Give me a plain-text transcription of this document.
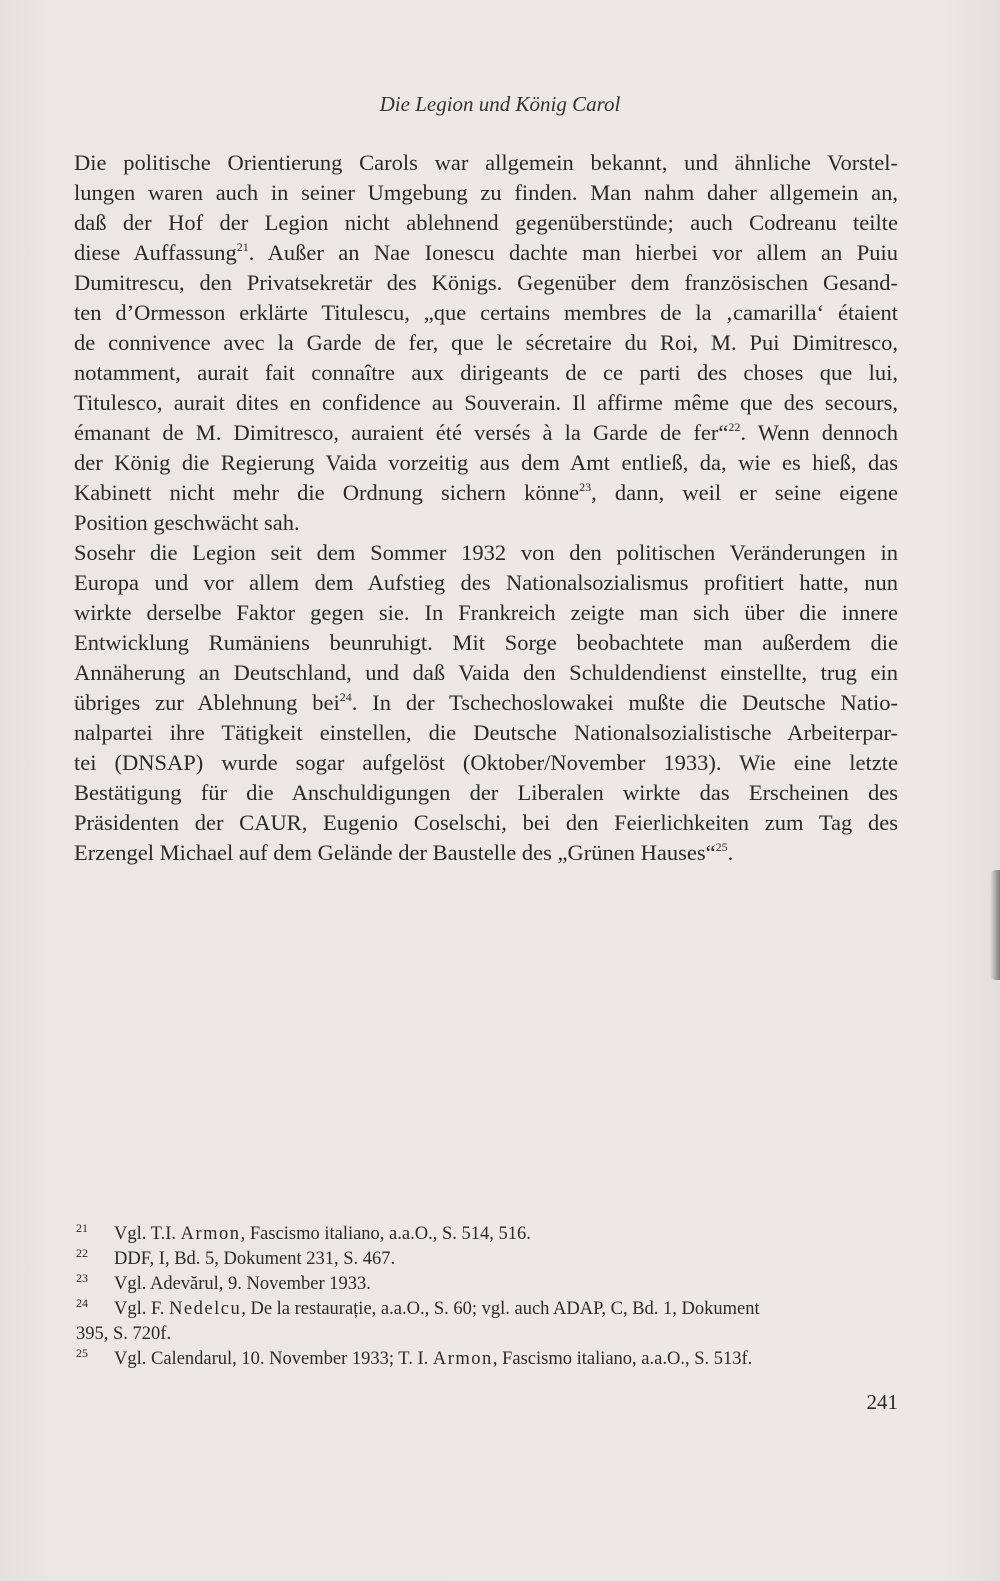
Die Legion und König Carol
Die politische Orientierung Carols war allgemein bekannt, und ähnliche Vorstel-
lungen waren auch in seiner Umgebung zu finden. Man nahm daher allgemein an,
daß der Hof der Legion nicht ablehnend gegenüberstünde; auch Codreanu teilte
diese Auffassung$^{21}$. Außer an Nae Ionescu dachte man hierbei vor allem an Puiu
Dumitrescu, den Privatsekretär des Königs. Gegenüber dem französischen Gesand-
ten d’Ormesson erklärte Titulescu, „que certains membres de la ‚camarilla‘ étaient
de connivence avec la Garde de fer, que le sécretaire du Roi, M. Pui Dimitresco,
notamment, aurait fait connaître aux dirigeants de ce parti des choses que lui,
Titulesco, aurait dites en confidence au Souverain. Il affirme même que des secours,
émanant de M. Dimitresco, auraient été versés à la Garde de fer“$^{22}$. Wenn dennoch
der König die Regierung Vaida vorzeitig aus dem Amt entließ, da, wie es hieß, das
Kabinett nicht mehr die Ordnung sichern könne$^{23}$, dann, weil er seine eigene
Position geschwächt sah.
Sosehr die Legion seit dem Sommer 1932 von den politischen Veränderungen in
Europa und vor allem dem Aufstieg des Nationalsozialismus profitiert hatte, nun
wirkte derselbe Faktor gegen sie. In Frankreich zeigte man sich über die innere
Entwicklung Rumäniens beunruhigt. Mit Sorge beobachtete man außerdem die
Annäherung an Deutschland, und daß Vaida den Schuldendienst einstellte, trug ein
übriges zur Ablehnung bei$^{24}$. In der Tschechoslowakei mußte die Deutsche Natio-
nalpartei ihre Tätigkeit einstellen, die Deutsche Nationalsozialistische Arbeiterpar-
tei (DNSAP) wurde sogar aufgelöst (Oktober/November 1933). Wie eine letzte
Bestätigung für die Anschuldigungen der Liberalen wirkte das Erscheinen des
Präsidenten der CAUR, Eugenio Coselschi, bei den Feierlichkeiten zum Tag des
Erzengel Michael auf dem Gelände der Baustelle des „Grünen Hauses“$^{25}$.
21 Vgl. T.I. Armon, Fascismo italiano, a.a.O., S. 514, 516.
22 DDF, I, Bd. 5, Dokument 231, S. 467.
23 Vgl. Adevărul, 9. November 1933.
24 Vgl. F. Nedelcu, De la restaurație, a.a.O., S. 60; vgl. auch ADAP, C, Bd. 1, Dokument
395, S. 720f.
25 Vgl. Calendarul, 10. November 1933; T. I. Armon, Fascismo italiano, a.a.O., S. 513f.
241
